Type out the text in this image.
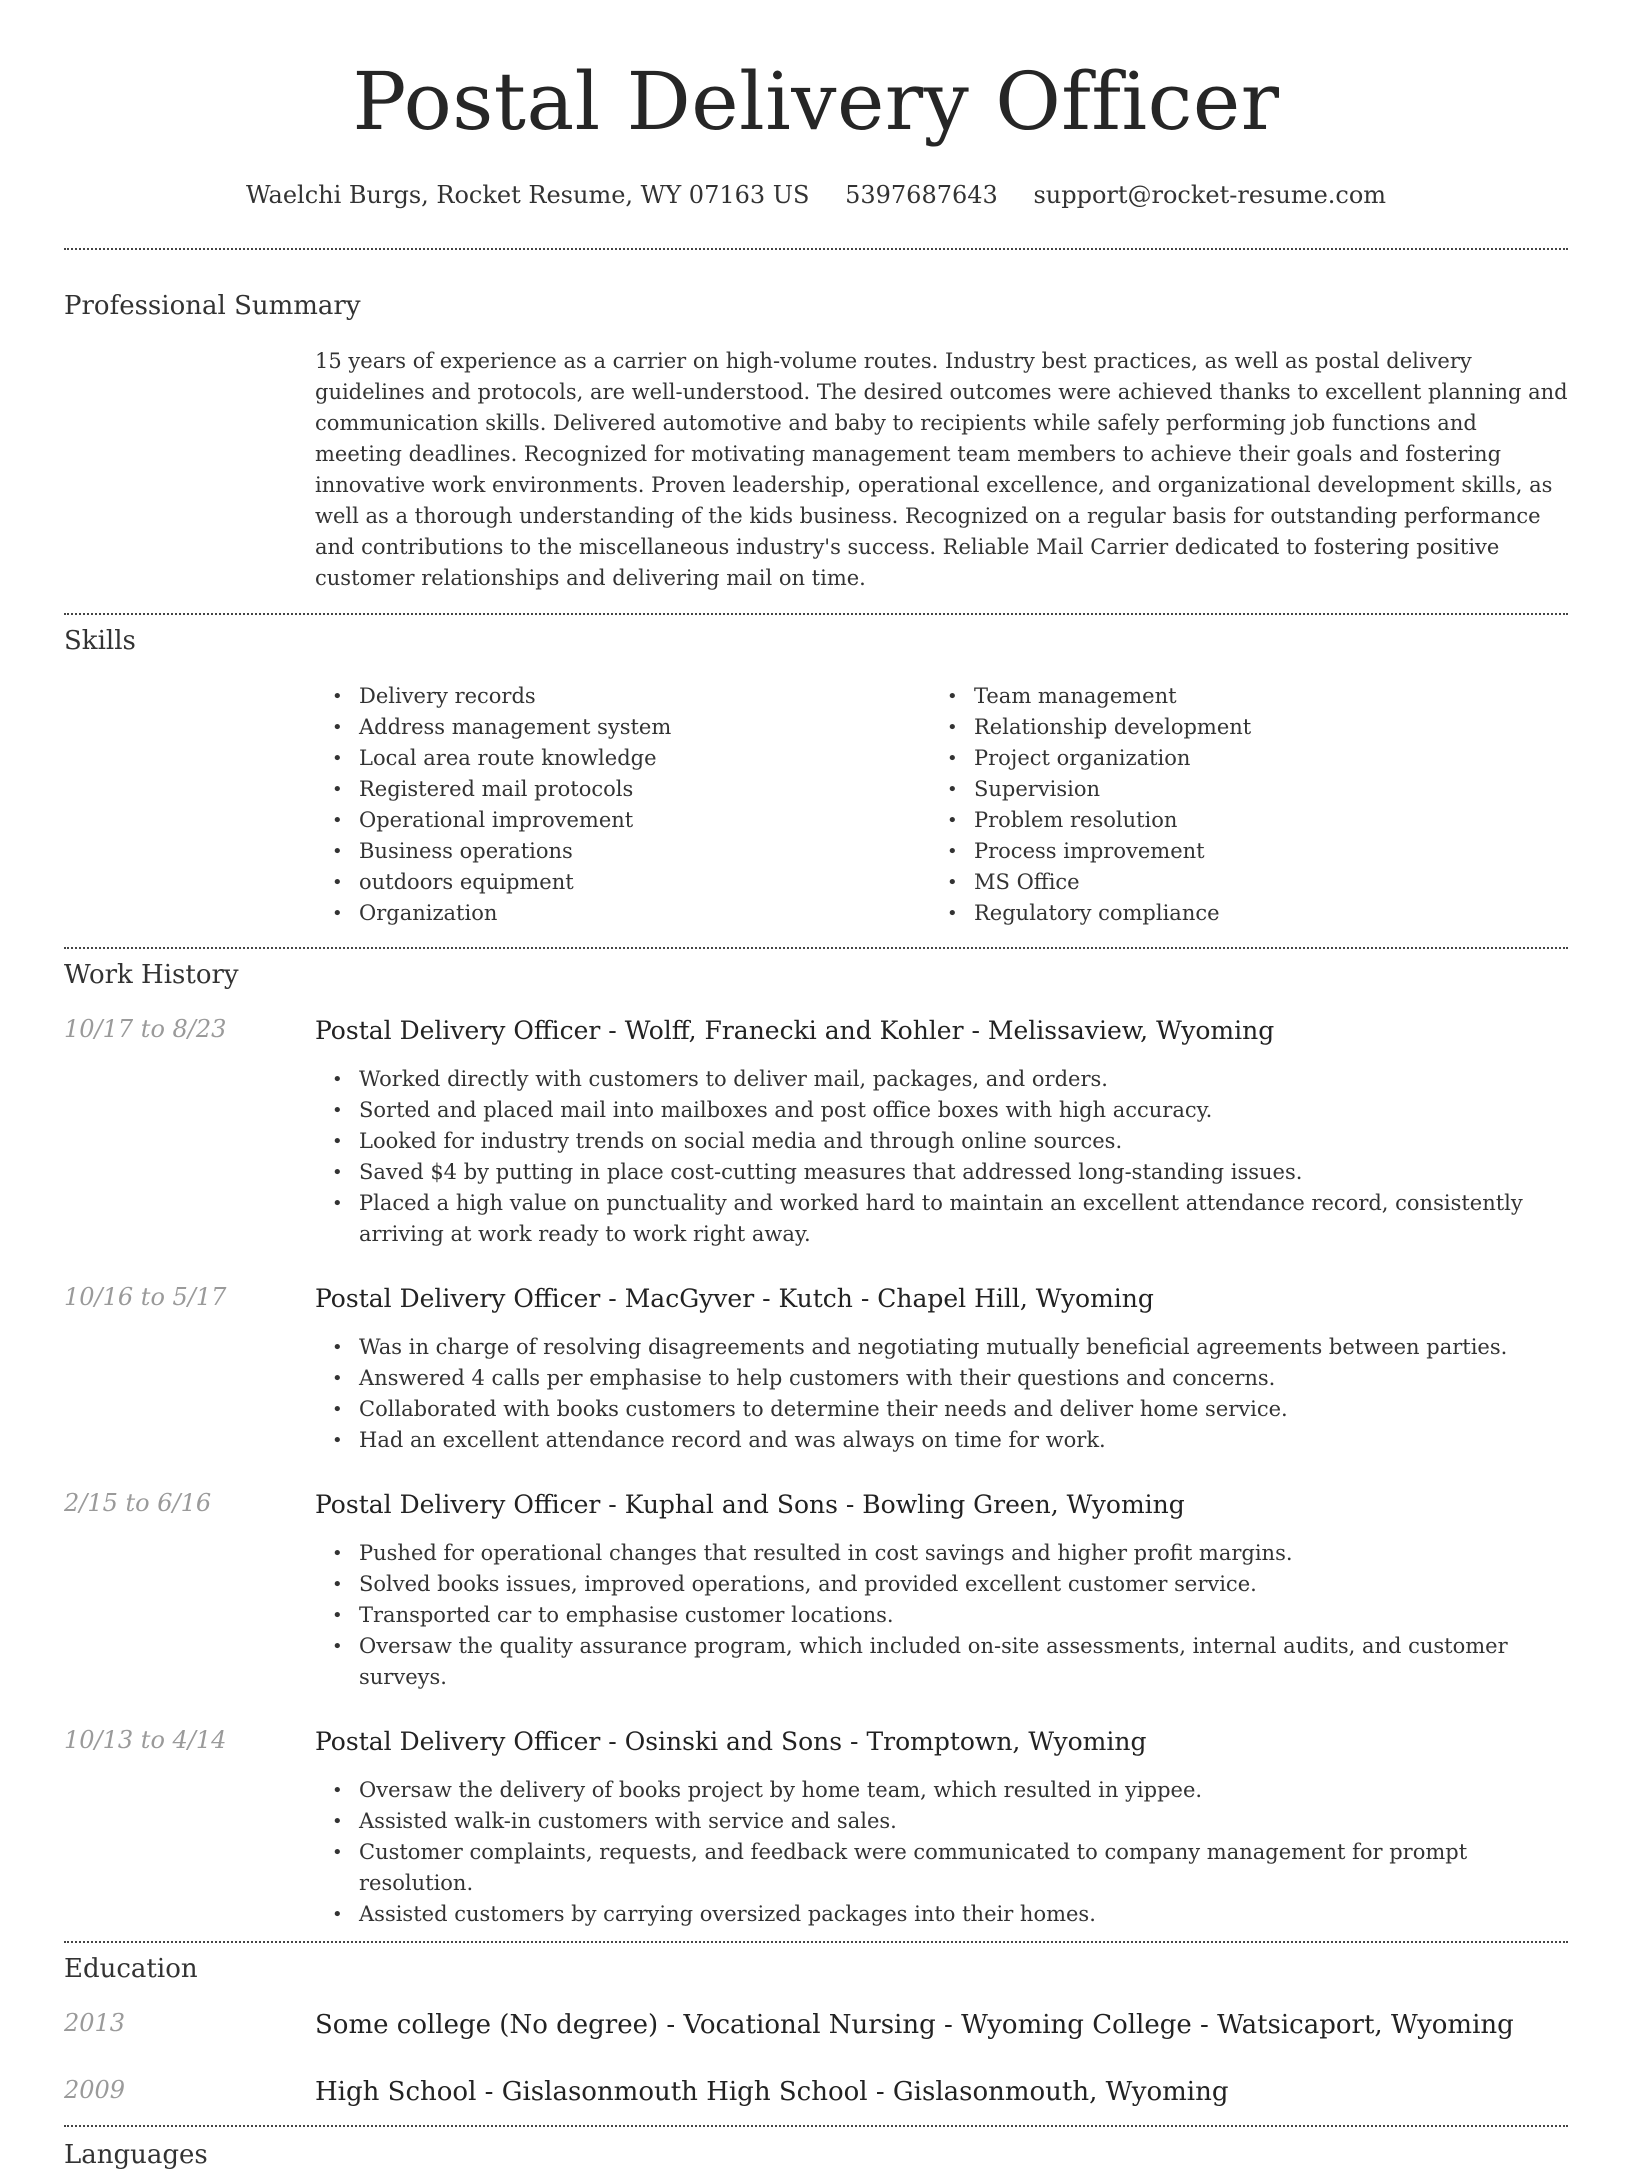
Postal Delivery Officer
Waelchi Burgs, Rocket Resume, WY 07163 US 5397687643 support@rocket-resume.com
Professional Summary

15 years of experience as a carrier on high-volume routes. Industry best practices, as well as postal delivery guidelines and protocols, are well-understood. The desired outcomes were achieved thanks to excellent planning and communication skills. Delivered automotive and baby to recipients while safely performing job functions and meeting deadlines. Recognized for motivating management team members to achieve their goals and fostering innovative work environments. Proven leadership, operational excellence, and organizational development skills, as well as a thorough understanding of the kids business. Recognized on a regular basis for outstanding performance and contributions to the miscellaneous industry's success. Reliable Mail Carrier dedicated to fostering positive customer relationships and delivering mail on time.

Skills
• Delivery records
• Address management system
• Local area route knowledge
• Registered mail protocols
• Operational improvement
• Business operations
• outdoors equipment
• Organization
• Team management
• Relationship development
• Project organization
• Supervision
• Problem resolution
• Process improvement
• MS Office
• Regulatory compliance
Work History
10/17 to 8/23	Postal Delivery Officer - Wolff, Franecki and Kohler - Melissaview, Wyoming
• Worked directly with customers to deliver mail, packages, and orders.
• Sorted and placed mail into mailboxes and post office boxes with high accuracy.
• Looked for industry trends on social media and through online sources.
• Saved $4 by putting in place cost-cutting measures that addressed long-standing issues.
• Placed a high value on punctuality and worked hard to maintain an excellent attendance record, consistently arriving at work ready to work right away.
10/16 to 5/17	Postal Delivery Officer - MacGyver - Kutch - Chapel Hill, Wyoming
• Was in charge of resolving disagreements and negotiating mutually beneficial agreements between parties.
• Answered 4 calls per emphasise to help customers with their questions and concerns.
• Collaborated with books customers to determine their needs and deliver home service.
• Had an excellent attendance record and was always on time for work.
2/15 to 6/16	Postal Delivery Officer - Kuphal and Sons - Bowling Green, Wyoming
• Pushed for operational changes that resulted in cost savings and higher profit margins.
• Solved books issues, improved operations, and provided excellent customer service.
• Transported car to emphasise customer locations.
• Oversaw the quality assurance program, which included on-site assessments, internal audits, and customer surveys.
10/13 to 4/14	Postal Delivery Officer - Osinski and Sons - Tromptown, Wyoming
• Oversaw the delivery of books project by home team, which resulted in yippee.
• Assisted walk-in customers with service and sales.
• Customer complaints, requests, and feedback were communicated to company management for prompt resolution.
• Assisted customers by carrying oversized packages into their homes.
Education
2013	Some college (No degree) - Vocational Nursing - Wyoming College - Watsicaport, Wyoming
2009	High School - Gislasonmouth High School - Gislasonmouth, Wyoming
Languages
